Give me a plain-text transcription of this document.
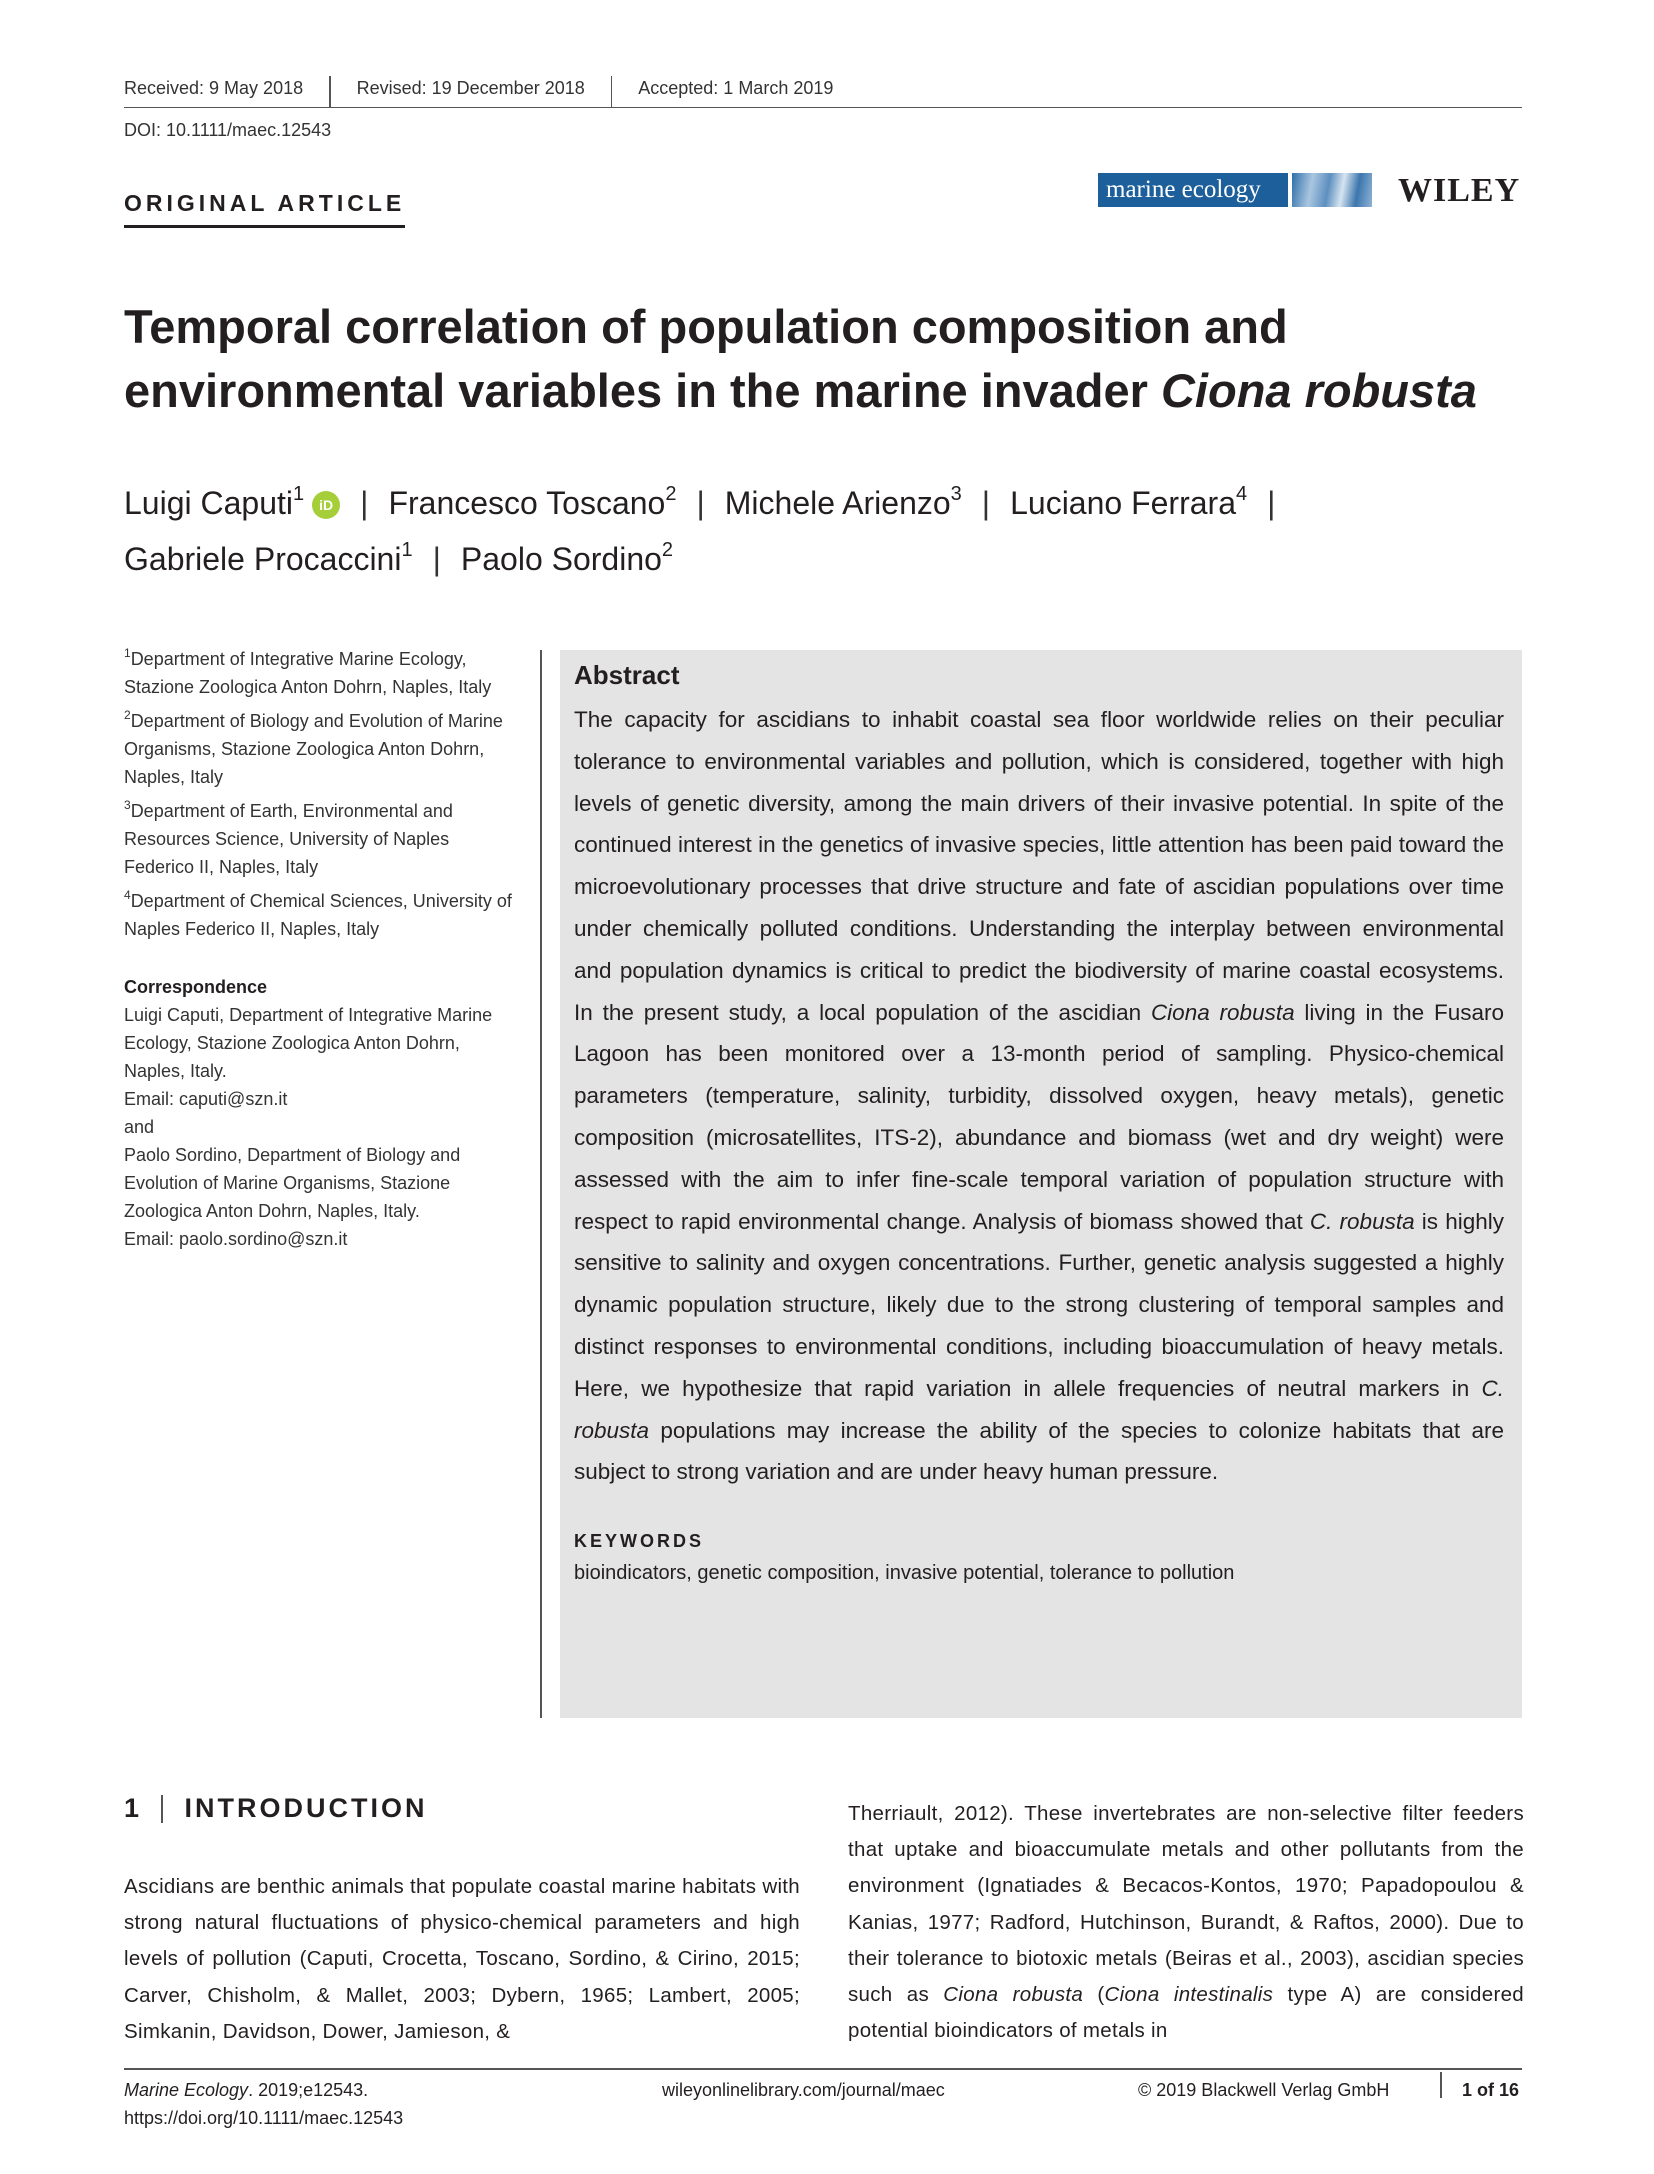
Received: 9 May 2018	Revised: 19 December 2018	Accepted: 1 March 2019
DOI: 10.1111/maec.12543
ORIGINAL ARTICLE	marine ecology	WILEY
Temporal correlation of population composition and environmental variables in the marine invader Ciona robusta
Luigi Caputi$^1$ iD | Francesco Toscano$^2$ | Michele Arienzo$^3$ | Luciano Ferrara$^4$ |
Gabriele Procaccini$^1$ | Paolo Sordino$^2$
$^1$Department of Integrative Marine Ecology, Stazione Zoologica Anton Dohrn, Naples, Italy
$^2$Department of Biology and Evolution of Marine Organisms, Stazione Zoologica Anton Dohrn, Naples, Italy
$^3$Department of Earth, Environmental and Resources Science, University of Naples Federico II, Naples, Italy
$^4$Department of Chemical Sciences, University of Naples Federico II, Naples, Italy
Correspondence
Luigi Caputi, Department of Integrative Marine Ecology, Stazione Zoologica Anton Dohrn, Naples, Italy.
Email: caputi@szn.it
and
Paolo Sordino, Department of Biology and Evolution of Marine Organisms, Stazione Zoologica Anton Dohrn, Naples, Italy.
Email: paolo.sordino@szn.it
Abstract

The capacity for ascidians to inhabit coastal sea floor worldwide relies on their peculiar tolerance to environmental variables and pollution, which is considered, together with high levels of genetic diversity, among the main drivers of their invasive potential. In spite of the continued interest in the genetics of invasive species, little attention has been paid toward the microevolutionary processes that drive structure and fate of ascidian populations over time under chemically polluted conditions. Understanding the interplay between environmental and population dynamics is critical to predict the biodiversity of marine coastal ecosystems. In the present study, a local population of the ascidian Ciona robusta living in the Fusaro Lagoon has been monitored over a 13-month period of sampling. Physico-chemical parameters (temperature, salinity, turbidity, dissolved oxygen, heavy metals), genetic composition (microsatellites, ITS-2), abundance and biomass (wet and dry weight) were assessed with the aim to infer fine-scale temporal variation of population structure with respect to rapid environmental change. Analysis of biomass showed that C. robusta is highly sensitive to salinity and oxygen concentrations. Further, genetic analysis suggested a highly dynamic population structure, likely due to the strong clustering of temporal samples and distinct responses to environmental conditions, including bioaccumulation of heavy metals. Here, we hypothesize that rapid variation in allele frequencies of neutral markers in C. robusta populations may increase the ability of the species to colonize habitats that are subject to strong variation and are under heavy human pressure.

KEYWORDS
bioindicators, genetic composition, invasive potential, tolerance to pollution
1 INTRODUCTION

Ascidians are benthic animals that populate coastal marine habitats with strong natural fluctuations of physico-chemical parameters and high levels of pollution (Caputi, Crocetta, Toscano, Sordino, & Cirino, 2015; Carver, Chisholm, & Mallet, 2003; Dybern, 1965; Lambert, 2005; Simkanin, Davidson, Dower, Jamieson, &

Therriault, 2012). These invertebrates are non-selective filter feeders that uptake and bioaccumulate metals and other pollutants from the environment (Ignatiades & Becacos-Kontos, 1970; Papadopoulou & Kanias, 1977; Radford, Hutchinson, Burandt, & Raftos, 2000). Due to their tolerance to biotoxic metals (Beiras et al., 2003), ascidian species such as Ciona robusta (Ciona intestinalis type A) are considered potential bioindicators of metals in

Marine Ecology. 2019;e12543.
https://doi.org/10.1111/maec.12543
wileyonlinelibrary.com/journal/maec	© 2019 Blackwell Verlag GmbH	1 of 16
